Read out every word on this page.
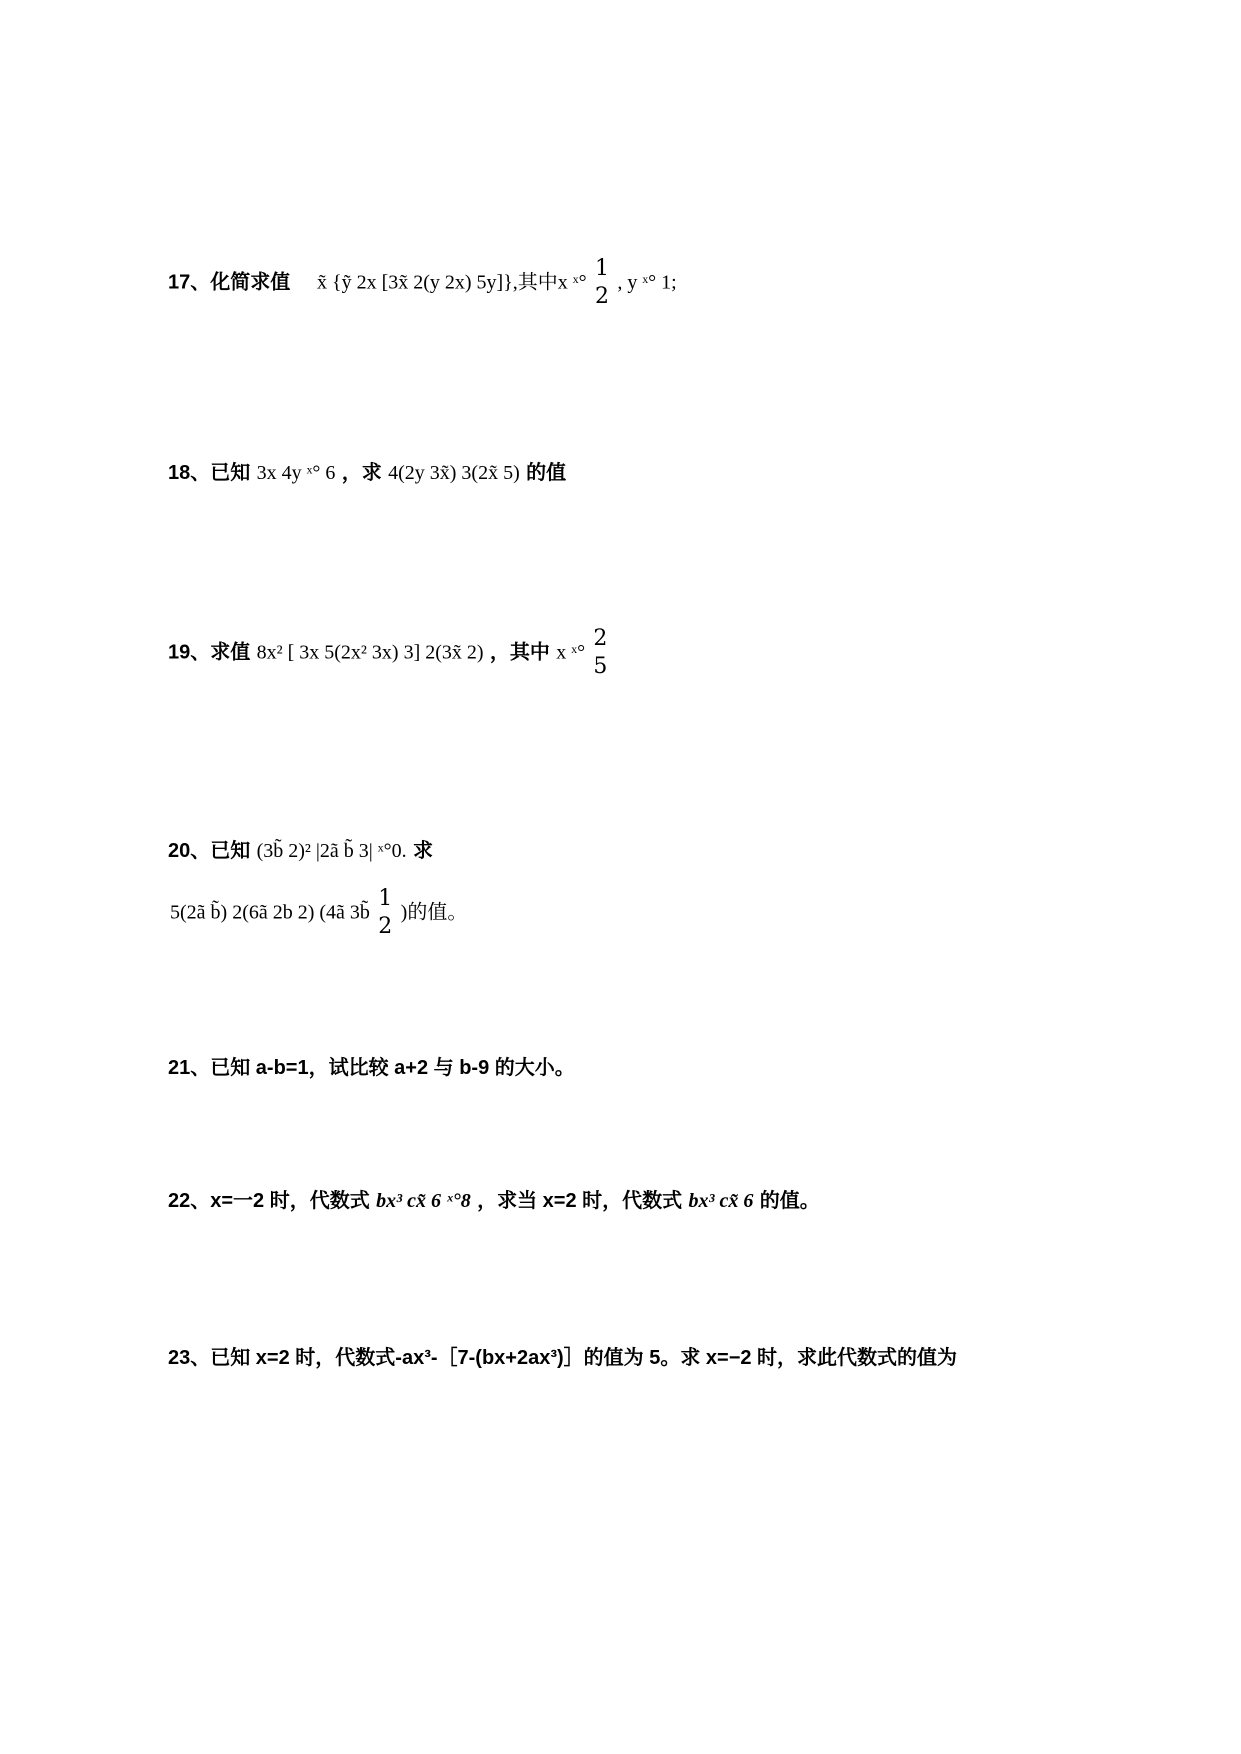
17、化简求值 x̃ {ỹ 2x [3x̃ 2(y 2x) 5y]},其中x ˣ°
1
2
, y ˣ° 1;
18、已知 3x 4y ˣ° 6 ，求 4(2y 3x̃) 3(2x̃ 5) 的值
19、求值 8x² [ 3x 5(2x² 3x) 3] 2(3x̃ 2) ，其中 x ˣ°
2
5
20、已知 (3b̃ 2)² |2ã b̃ 3| ˣ°0. 求
5(2ã b̃) 2(6ã 2b 2) (4ã 3b̃
1
2
)的值。
21、已知 a-b=1，试比较 a+2 与 b-9 的大小。
22、x=一2 时，代数式 bx³ cx̃ 6 ˣ°8 ，求当 x=2 时，代数式 bx³ cx̃ 6 的值。
23、已知 x=2 时，代数式-ax³-［7-(bx+2ax³)］的值为 5。求 x=−2 时，求此代数式的值为
